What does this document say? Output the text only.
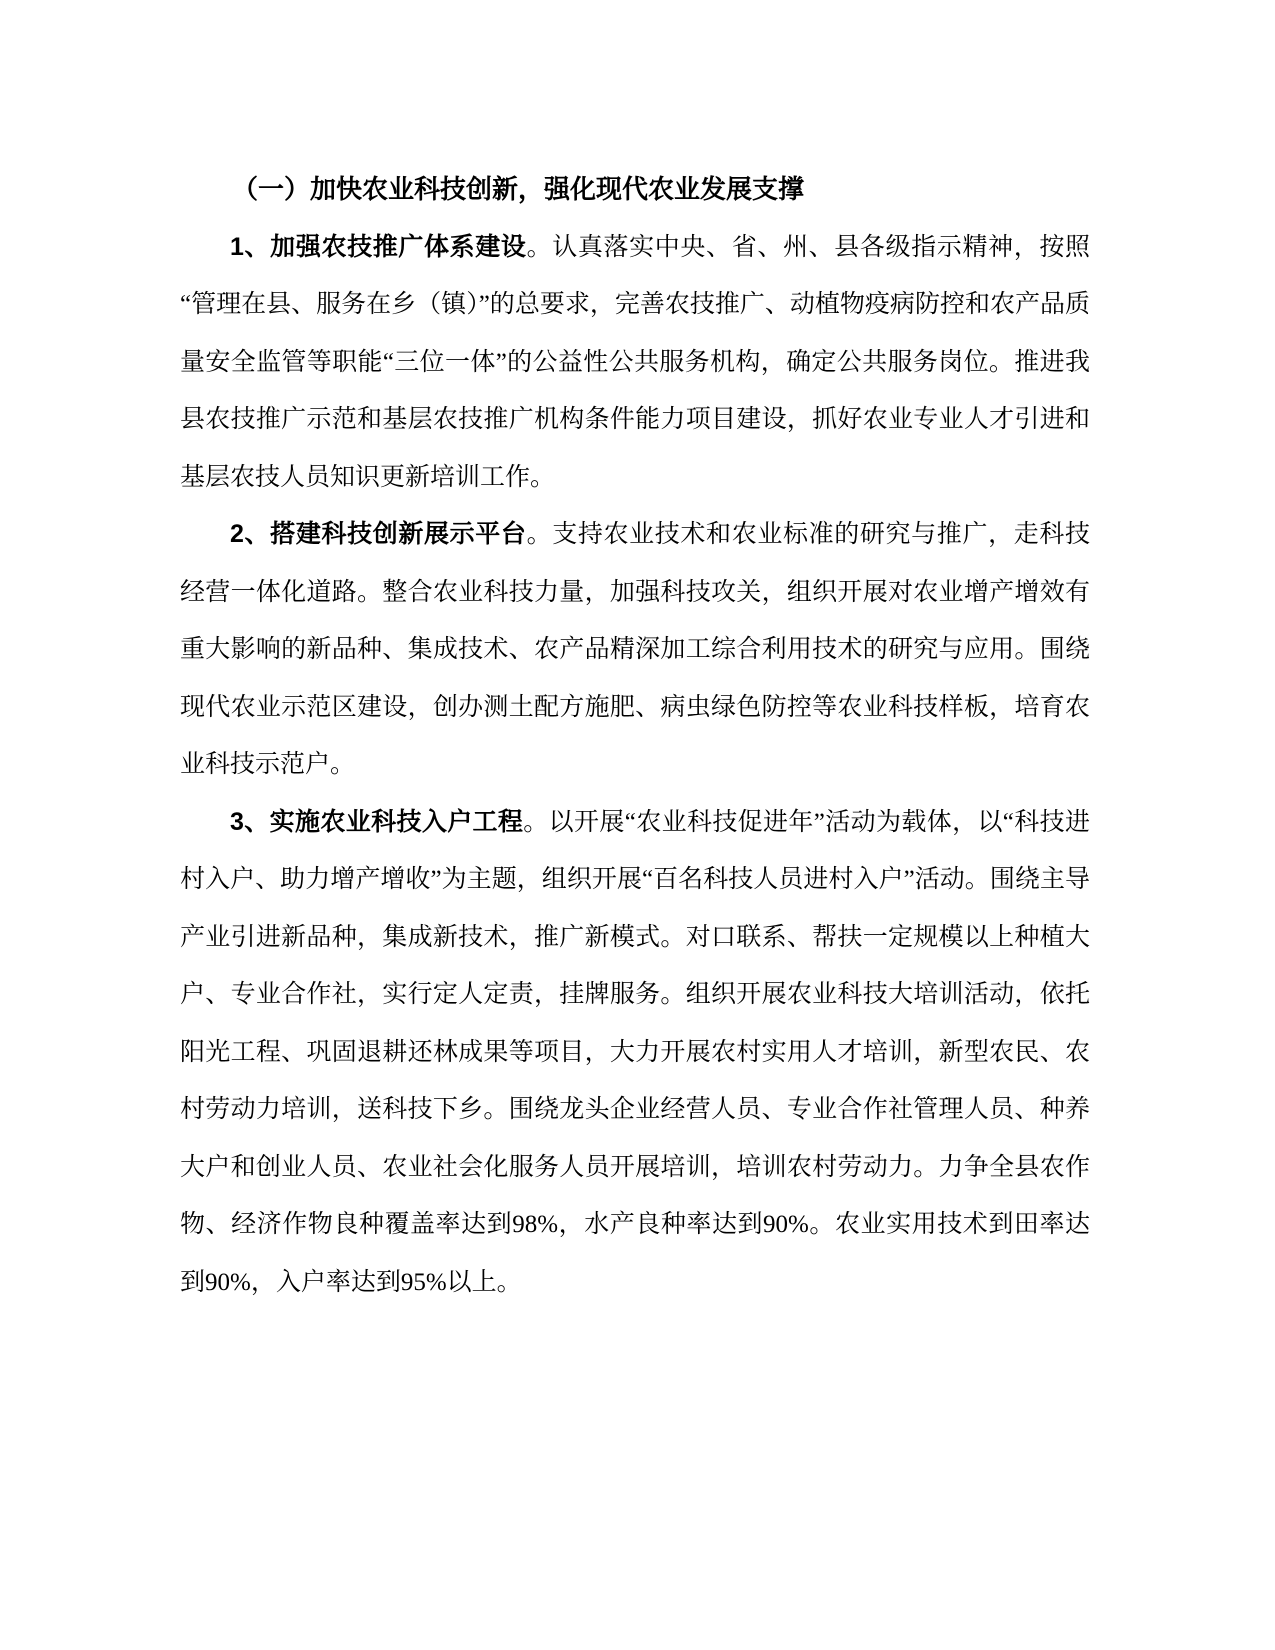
（一）加快农业科技创新，强化现代农业发展支撑

1、加强农技推广体系建设。认真落实中央、省、州、县各级指示精神，按照“管理在县、服务在乡（镇）”的总要求，完善农技推广、动植物疫病防控和农产品质量安全监管等职能“三位一体”的公益性公共服务机构，确定公共服务岗位。推进我县农技推广示范和基层农技推广机构条件能力项目建设，抓好农业专业人才引进和基层农技人员知识更新培训工作。

2、搭建科技创新展示平台。支持农业技术和农业标准的研究与推广，走科技经营一体化道路。整合农业科技力量，加强科技攻关，组织开展对农业增产增效有重大影响的新品种、集成技术、农产品精深加工综合利用技术的研究与应用。围绕现代农业示范区建设，创办测土配方施肥、病虫绿色防控等农业科技样板，培育农业科技示范户。

3、实施农业科技入户工程。以开展“农业科技促进年”活动为载体，以“科技进村入户、助力增产增收”为主题，组织开展“百名科技人员进村入户”活动。围绕主导产业引进新品种，集成新技术，推广新模式。对口联系、帮扶一定规模以上种植大户、专业合作社，实行定人定责，挂牌服务。组织开展农业科技大培训活动，依托阳光工程、巩固退耕还林成果等项目，大力开展农村实用人才培训，新型农民、农村劳动力培训，送科技下乡。围绕龙头企业经营人员、专业合作社管理人员、种养大户和创业人员、农业社会化服务人员开展培训，培训农村劳动力。力争全县农作物、经济作物良种覆盖率达到98%，水产良种率达到90%。农业实用技术到田率达到90%，入户率达到95%以上。
